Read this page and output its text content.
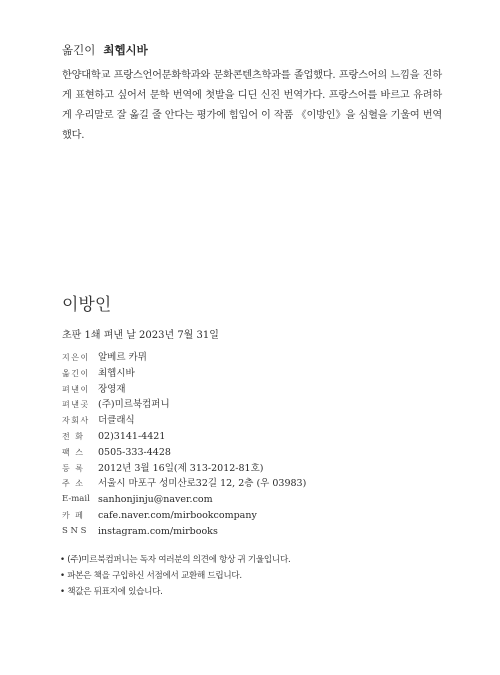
옮긴이 최헵시바

한양대학교 프랑스언어문화학과와 문화콘텐츠학과를 졸업했다. 프랑스어의 느낌을 진하게 표현하고 싶어서 문학 번역에 첫발을 디딘 신진 번역가다. 프랑스어를 바르고 유려하게 우리말로 잘 옮길 줄 안다는 평가에 힘입어 이 작품 《이방인》을 심혈을 기울여 번역했다.

이방인

초판 1쇄 펴낸 날 2023년 7월 31일

지은이 알베르 카뮈
옮긴이 최헵시바
펴낸이 장영재
펴낸곳 (주)미르북컴퍼니
자회사 더클래식
전 화	02)3141-4421
팩 스	0505-333-4428
등 록	2012년 3월 16일(제 313-2012-81호)
주 소	서울시 마포구 성미산로32길 12, 2층 (우 03983)
E-mail sanhonjinju@naver.com
카 페	cafe.naver.com/mirbookcompany
S N S	instagram.com/mirbooks
• (주)미르북컴퍼니는 독자 여러분의 의견에 항상 귀 기울입니다.
• 파본은 책을 구입하신 서점에서 교환해 드립니다.
• 책값은 뒤표지에 있습니다.
